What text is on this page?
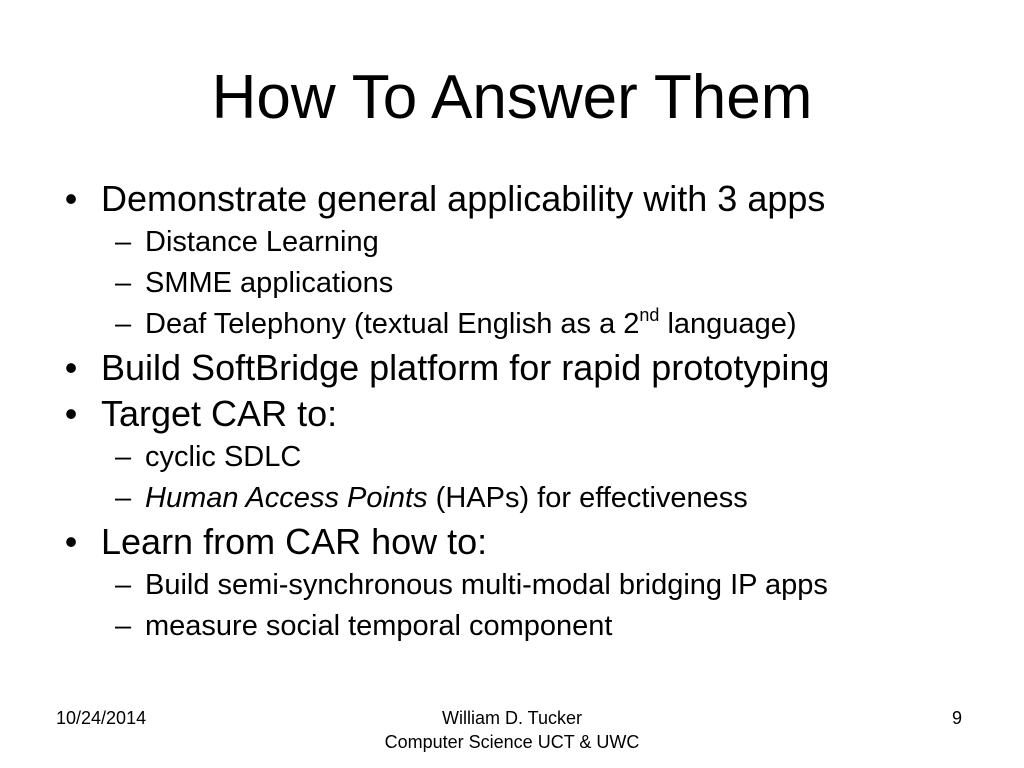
How To Answer Them
• Demonstrate general applicability with 3 apps
– Distance Learning
– SMME applications
– Deaf Telephony (textual English as a 2nd language)
• Build SoftBridge platform for rapid prototyping
• Target CAR to:
– cyclic SDLC
– Human Access Points (HAPs) for effectiveness
• Learn from CAR how to:
– Build semi-synchronous multi-modal bridging IP apps
– measure social temporal component
10/24/2014	William D. Tucker
Computer Science UCT & UWC
9
